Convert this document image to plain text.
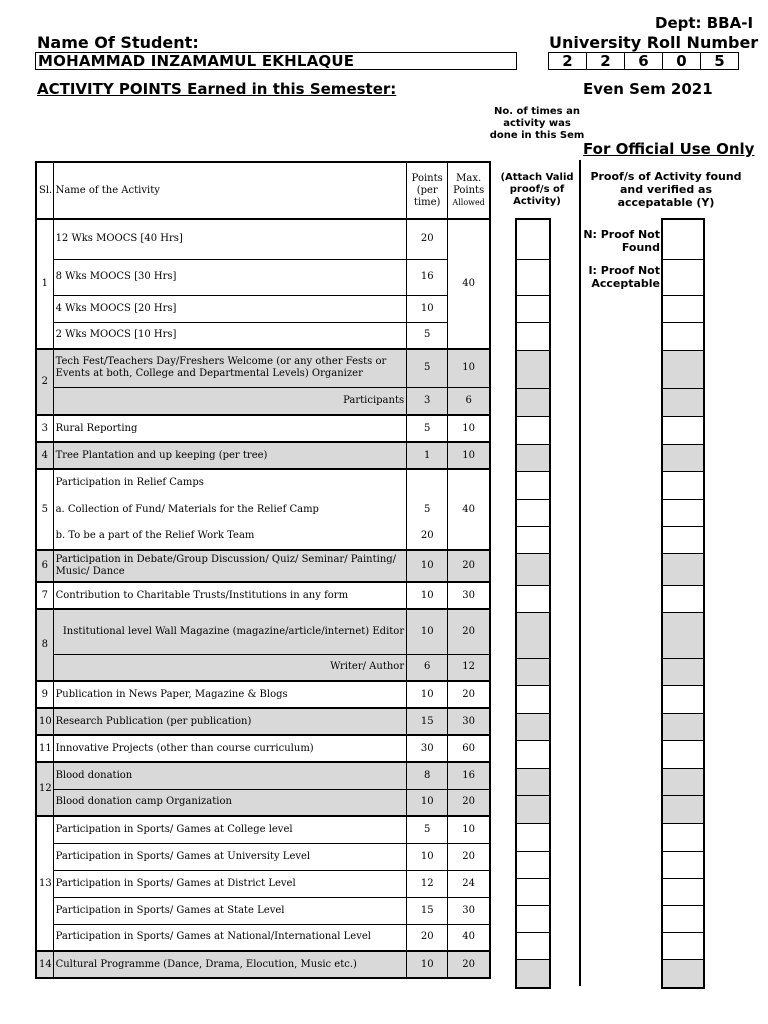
Dept: BBA-I
Name Of Student:	University Roll Number
MOHAMMAD INZAMAMUL EKHLAQUE	2	2	6	0	5
ACTIVITY POINTS Earned in this Semester:	Even Sem 2021
No. of times an activity was done in this Sem
(Attach Valid proof/s of Activity)
For Official Use Only
Proof/s of Activity found and verified as accepatable (Y)
N: Proof Not Found
I: Proof Not Acceptable
Sl.	Name of the Activity	Points (per time)	Max. Points
Allowed
1	12 Wks MOOCS [40 Hrs]	20	40
	8 Wks MOOCS [30 Hrs]	16	
	4 Wks MOOCS [20 Hrs]	10	
	2 Wks MOOCS [10 Hrs]	5	
2	Tech Fest/Teachers Day/Freshers Welcome (or any other Fests or Events at both, College and Departmental Levels) Organizer	5	10
	Participants	3	6
3	Rural Reporting	5	10
4	Tree Plantation and up keeping (per tree)	1	10
5	Participation in Relief Camps		40
	a. Collection of Fund/ Materials for the Relief Camp	5	
	b. To be a part of the Relief Work Team	20	
6	Participation in Debate/Group Discussion/ Quiz/ Seminar/ Painting/ Music/ Dance	10	20
7	Contribution to Charitable Trusts/Institutions in any form	10	30
8	Institutional level Wall Magazine (magazine/article/internet) Editor	10	20
	Writer/ Author	6	12
9	Publication in News Paper, Magazine & Blogs	10	20
10	Research Publication (per publication)	15	30
11	Innovative Projects (other than course curriculum)	30	60
12	Blood donation	8	16
	Blood donation camp Organization	10	20
13	Participation in Sports/ Games at College level	5	10
	Participation in Sports/ Games at University Level	10	20
	Participation in Sports/ Games at District Level	12	24
	Participation in Sports/ Games at State Level	15	30
	Participation in Sports/ Games at National/International Level	20	40
14	Cultural Programme (Dance, Drama, Elocution, Music etc.)	10	20
